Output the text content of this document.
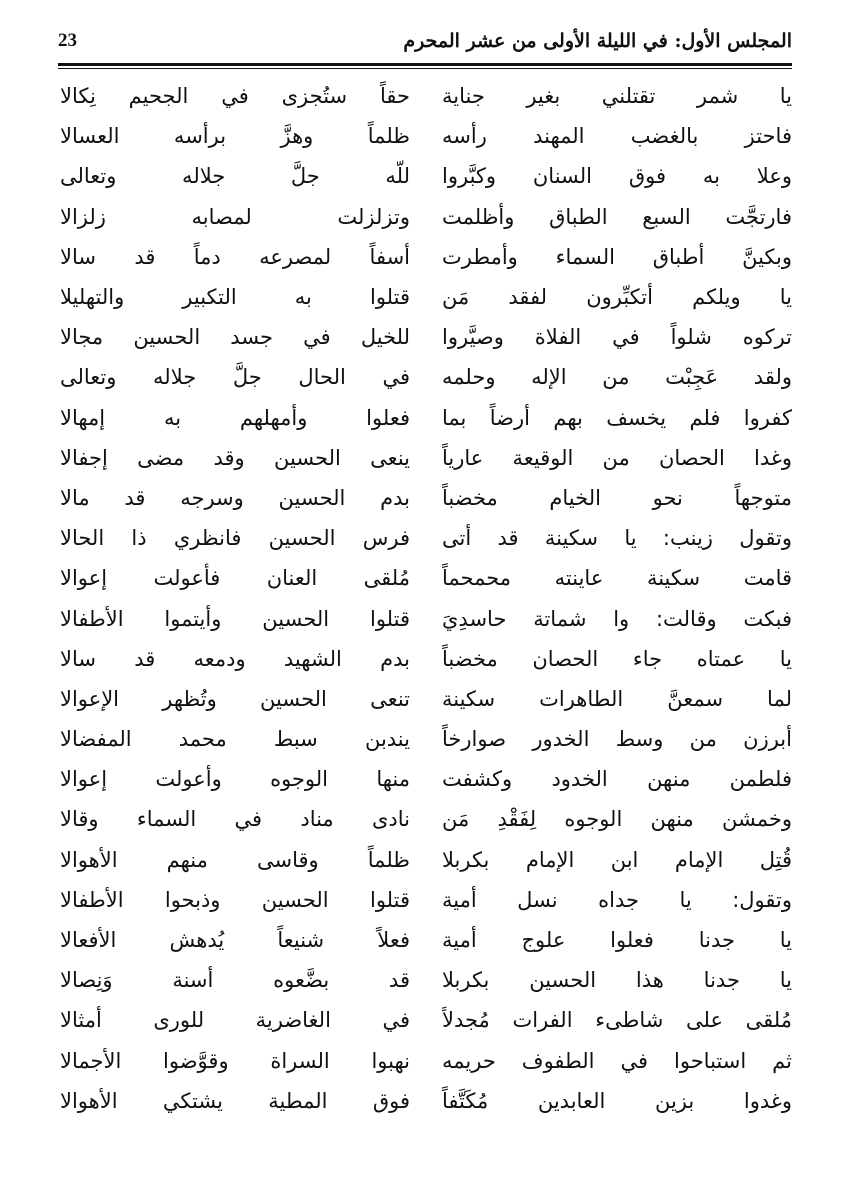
المجلس الأول: في الليلة الأولى من عشر المحرم
23
يا شمر تقتلني بغير جناية
حقاً ستُجزى في الجحيم نِكالا
فاحتز بالغضب المهند رأسه
ظلماً وهزَّ برأسه العسالا
وعلا به فوق السنان وكبَّروا
للّه جلَّ جلاله وتعالى
فارتجَّت السبع الطباق وأظلمت
وتزلزلت لمصابه زلزالا
وبكينَّ أطباق السماء وأمطرت
أسفاً لمصرعه دماً قد سالا
يا ويلكم أتكبِّرون لفقد مَن
قتلوا به التكبير والتهليلا
تركوه شلواً في الفلاة وصيَّروا
للخيل في جسد الحسين مجالا
ولقد عَجِبْت من الإله وحلمه
في الحال جلَّ جلاله وتعالى
كفروا فلم يخسف بهم أرضاً بما
فعلوا وأمهلهم به إمهالا
وغدا الحصان من الوقيعة عارياً
ينعى الحسين وقد مضى إجفالا
متوجهاً نحو الخيام مخضباً
بدم الحسين وسرجه قد مالا
وتقول زينب: يا سكينة قد أتى
فرس الحسين فانظري ذا الحالا
قامت سكينة عاينته محمحماً
مُلقى العنان فأعولت إعوالا
فبكت وقالت: وا شماتة حاسدِيَ
قتلوا الحسين وأيتموا الأطفالا
يا عمتاه جاء الحصان مخضباً
بدم الشهيد ودمعه قد سالا
لما سمعنَّ الطاهرات سكينة
تنعى الحسين وتُظهر الإعوالا
أبرزن من وسط الخدور صوارخاً
يندبن سبط محمد المفضالا
فلطمن منهن الخدود وكشفت
منها الوجوه وأعولت إعوالا
وخمشن منهن الوجوه لِفَقْدِ مَن
نادى مناد في السماء وقالا
قُتِل الإمام ابن الإمام بكربلا
ظلماً وقاسى منهم الأهوالا
وتقول: يا جداه نسل أمية
قتلوا الحسين وذبحوا الأطفالا
يا جدنا فعلوا علوج أمية
فعلاً شنيعاً يُدهش الأفعالا
يا جدنا هذا الحسين بكربلا
قد بضَّعوه أسنة وَنِصالا
مُلقى على شاطىء الفرات مُجدلاً
في الغاضرية للورى أمثالا
ثم استباحوا في الطفوف حريمه
نهبوا السراة وقوَّضوا الأجمالا
وغدوا بزين العابدين مُكَتَّفاً
فوق المطية يشتكي الأهوالا
